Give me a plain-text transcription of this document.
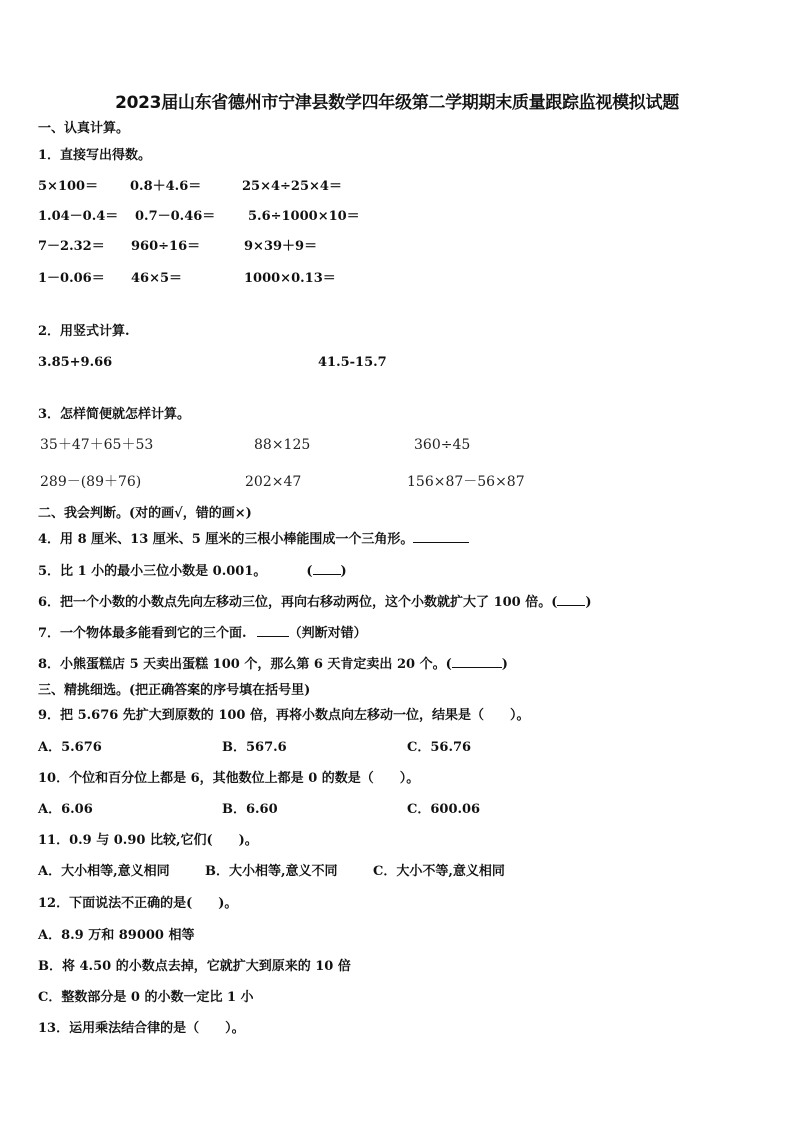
2023届山东省德州市宁津县数学四年级第二学期期末质量跟踪监视模拟试题
一、认真计算。
1．直接写出得数。
5×100＝ 0.8＋4.6＝	25×4÷25×4＝
1.04－0.4＝ 0.7－0.46＝	5.6÷1000×10＝
7－2.32＝ 960÷16＝	9×39＋9＝
1－0.06＝ 46×5＝	1000×0.13＝
2．用竖式计算.
3.85+9.66	41.5-15.7
3．怎样简便就怎样计算。
35＋47＋65＋53	88×125	360÷45
289－(89＋76)	202×47	156×87－56×87
二、我会判断。(对的画√，错的画×)
4．用 8 厘米、13 厘米、5 厘米的三根小棒能围成一个三角形。
5．比 1 小的最小三位小数是 0.001。	( )
6．把一个小数的小数点先向左移动三位，再向右移动两位，这个小数就扩大了 100 倍。( )
7．一个物体最多能看到它的三个面.	（判断对错）
8．小熊蛋糕店 5 天卖出蛋糕 100 个，那么第 6 天肯定卖出 20 个。(	)
三、精挑细选。(把正确答案的序号填在括号里)
9．把 5.676 先扩大到原数的 100 倍，再将小数点向左移动一位，结果是（　　）。
A．5.676	B．567.6	C．56.76
10．个位和百分位上都是 6，其他数位上都是 0 的数是（　　）。
A．6.06	B．6.60	C．600.06
11．0.9 与 0.90 比较,它们(　　)。
A．大小相等,意义相同	B．大小相等,意义不同	C．大小不等,意义相同
12．下面说法不正确的是(　　)。
A．8.9 万和 89000 相等
B．将 4.50 的小数点去掉，它就扩大到原来的 10 倍
C．整数部分是 0 的小数一定比 1 小
13．运用乘法结合律的是（　　）。
